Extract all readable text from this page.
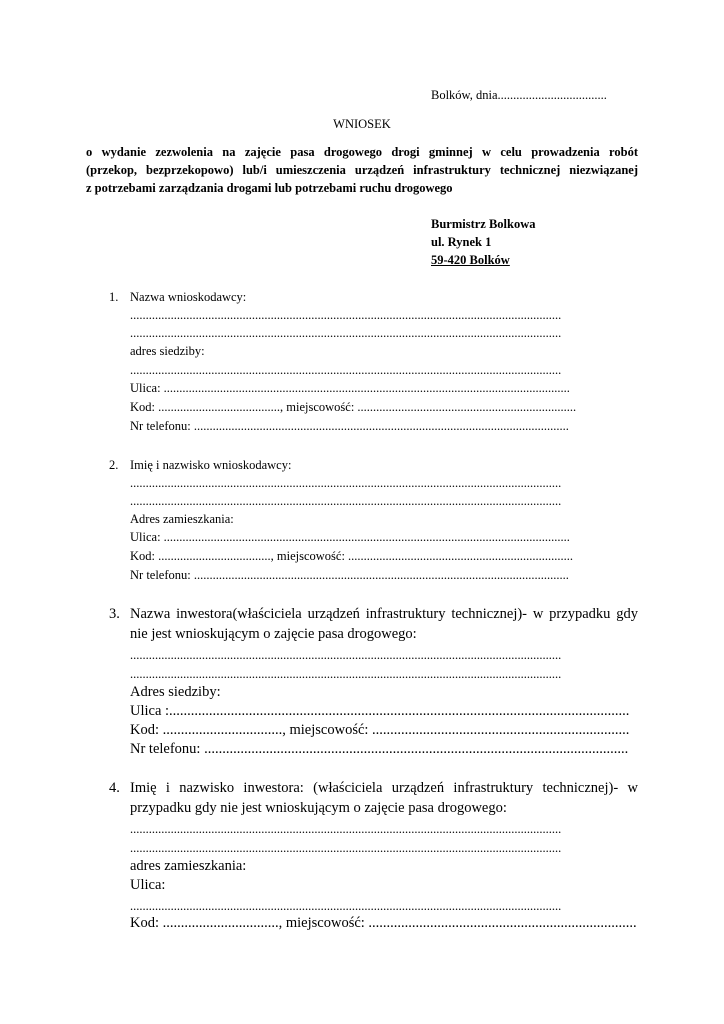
Bolków, dnia...................................
WNIOSEK
o wydanie zezwolenia na zajęcie pasa drogowego drogi gminnej w celu prowadzenia robót
(przekop, bezprzekopowo) lub/i umieszczenia urządzeń infrastruktury technicznej niezwiązanej
z potrzebami zarządzania drogami lub potrzebami ruchu drogowego
Burmistrz Bolkowa
ul. Rynek 1
59-420 Bolków
1. Nazwa wnioskodawcy:
..........................................................................................................................................
..........................................................................................................................................
adres siedziby:
..........................................................................................................................................
Ulica: ..................................................................................................................................
Kod: ......................................., miejscowość: ......................................................................
Nr telefonu: ........................................................................................................................
2. Imię i nazwisko wnioskodawcy:
..........................................................................................................................................
..........................................................................................................................................
Adres zamieszkania:
Ulica: ..................................................................................................................................
Kod: ...................................., miejscowość: ........................................................................
Nr telefonu: ........................................................................................................................
3. Nazwa inwestora(właściciela urządzeń infrastruktury technicznej)- w przypadku gdy
nie jest wnioskującym o zajęcie pasa drogowego:
..........................................................................................................................................
..........................................................................................................................................
Adres siedziby:
Ulica :...............................................................................................................................
Kod: ................................., miejscowość: .......................................................................
Nr telefonu: .....................................................................................................................
4. Imię i nazwisko inwestora: (właściciela urządzeń infrastruktury technicznej)- w
przypadku gdy nie jest wnioskującym o zajęcie pasa drogowego:
..........................................................................................................................................
..........................................................................................................................................
adres zamieszkania:
Ulica:
..........................................................................................................................................
Kod: ................................, miejscowość: ..........................................................................
